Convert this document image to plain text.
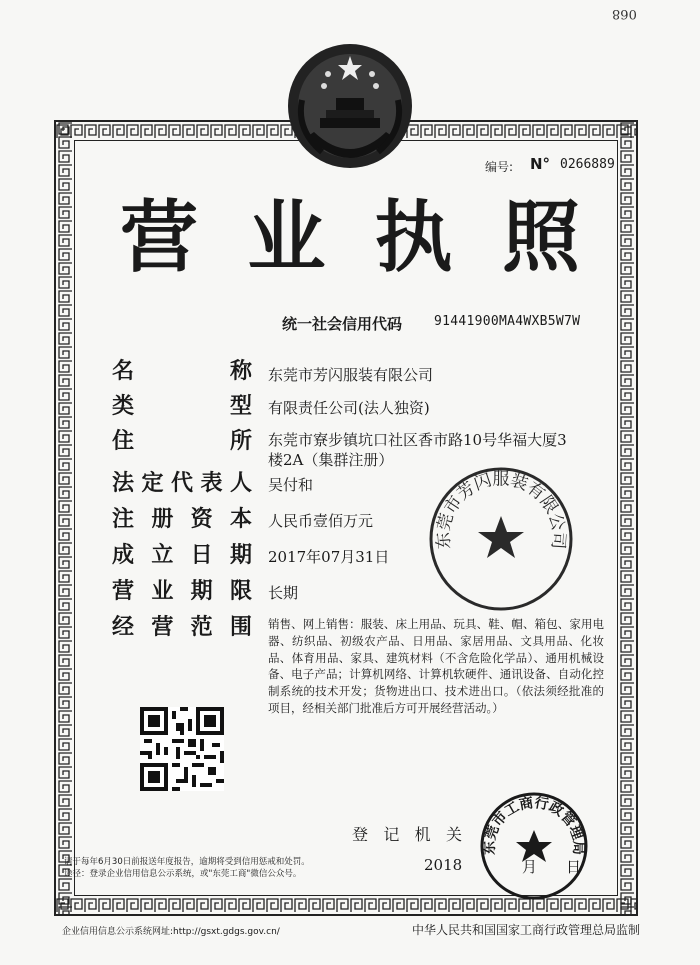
068
编号: N° 0266889
营 业 执 照
统一社会信用代码 91441900MA4WXB5W7W
名	称 东莞市芳闪服装有限公司
类	型 有限责任公司(法人独资)
住	所 东莞市寮步镇坑口社区香市路10号华福大厦3
楼2A（集群注册）
法 定 代 表 人 吴付和
注 册 资 本 人民币壹佰万元
成 立 日 期 2017年07月31日
营 业 期 限 长期
经 营 范 围 销售、网上销售：服装、床上用品、玩具、鞋、帽、箱包、家用电器、纺织品、初级农产品、日用品、家居用品、文具用品、化妆品、体育用品、家具、建筑材料（不含危险化学品）、通用机械设备、电子产品；计算机网络、计算机软硬件、通讯设备、自动化控制系统的技术开发；货物进出口、技术进出口。（依法须经批准的项目，经相关部门批准后方可开展经营活动。）
东莞市芳闪服装有限公司
东莞市工商行政管理局
登 记 机 关
2018	月 日
请于每年6月30日前报送年度报告，逾期将受到信用惩戒和处罚。
途径：登录企业信用信息公示系统，或"东莞工商"微信公众号。
企业信用信息公示系统网址:http://gsxt.gdgs.gov.cn/	中华人民共和国国家工商行政管理总局监制
